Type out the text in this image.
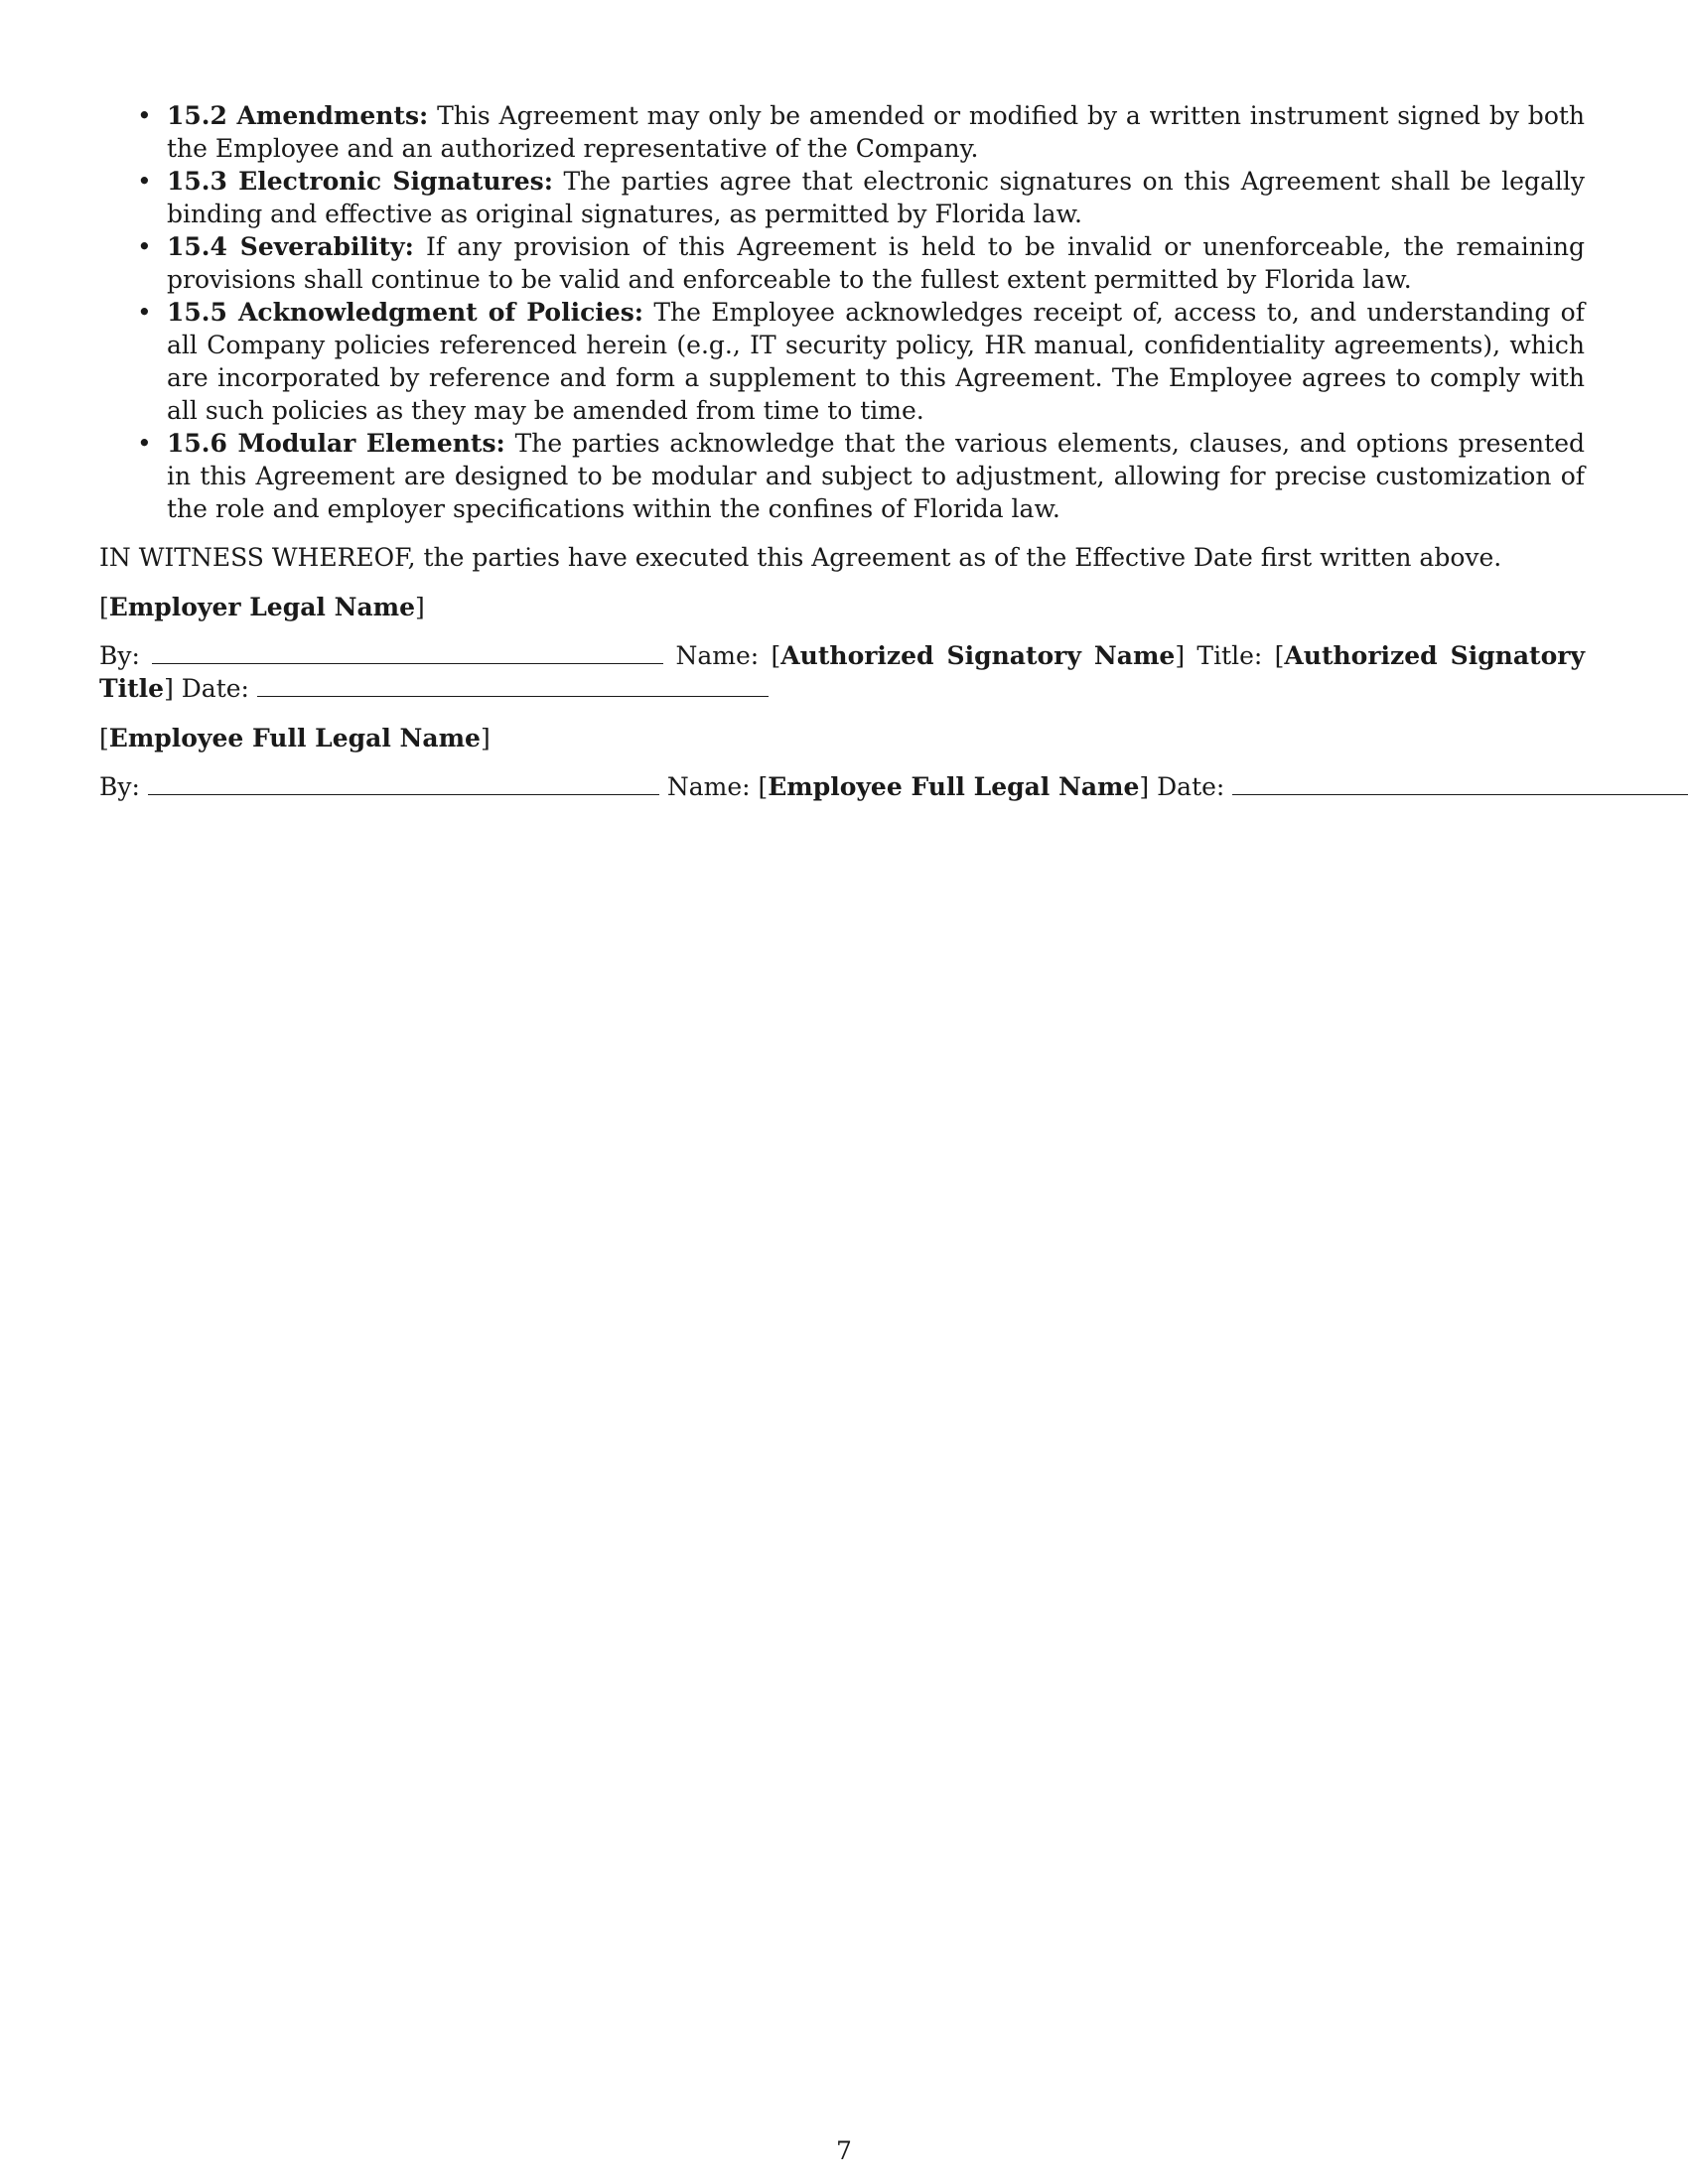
• 15.2 Amendments: This Agreement may only be amended or modified by a written instrument signed by both the Employee and an authorized representative of the Company.
• 15.3 Electronic Signatures: The parties agree that electronic signatures on this Agreement shall be legally binding and effective as original signatures, as permitted by Florida law.
• 15.4 Severability: If any provision of this Agreement is held to be invalid or unenforceable, the remaining provisions shall continue to be valid and enforceable to the fullest extent permitted by Florida law.
• 15.5 Acknowledgment of Policies: The Employee acknowledges receipt of, access to, and understanding of all Company policies referenced herein (e.g., IT security policy, HR manual, confidentiality agreements), which are incorporated by reference and form a supplement to this Agreement. The Employee agrees to comply with all such policies as they may be amended from time to time.
• 15.6 Modular Elements: The parties acknowledge that the various elements, clauses, and options presented in this Agreement are designed to be modular and subject to adjustment, allowing for precise customization of the role and employer specifications within the confines of Florida law.
IN WITNESS WHEREOF, the parties have executed this Agreement as of the Effective Date first written above.
[Employer Legal Name]
By:	Name: [Authorized Signatory Name] Title: [Authorized Signatory Title] Date:
[Employee Full Legal Name]
By:	Name: [Employee Full Legal Name] Date:
7
